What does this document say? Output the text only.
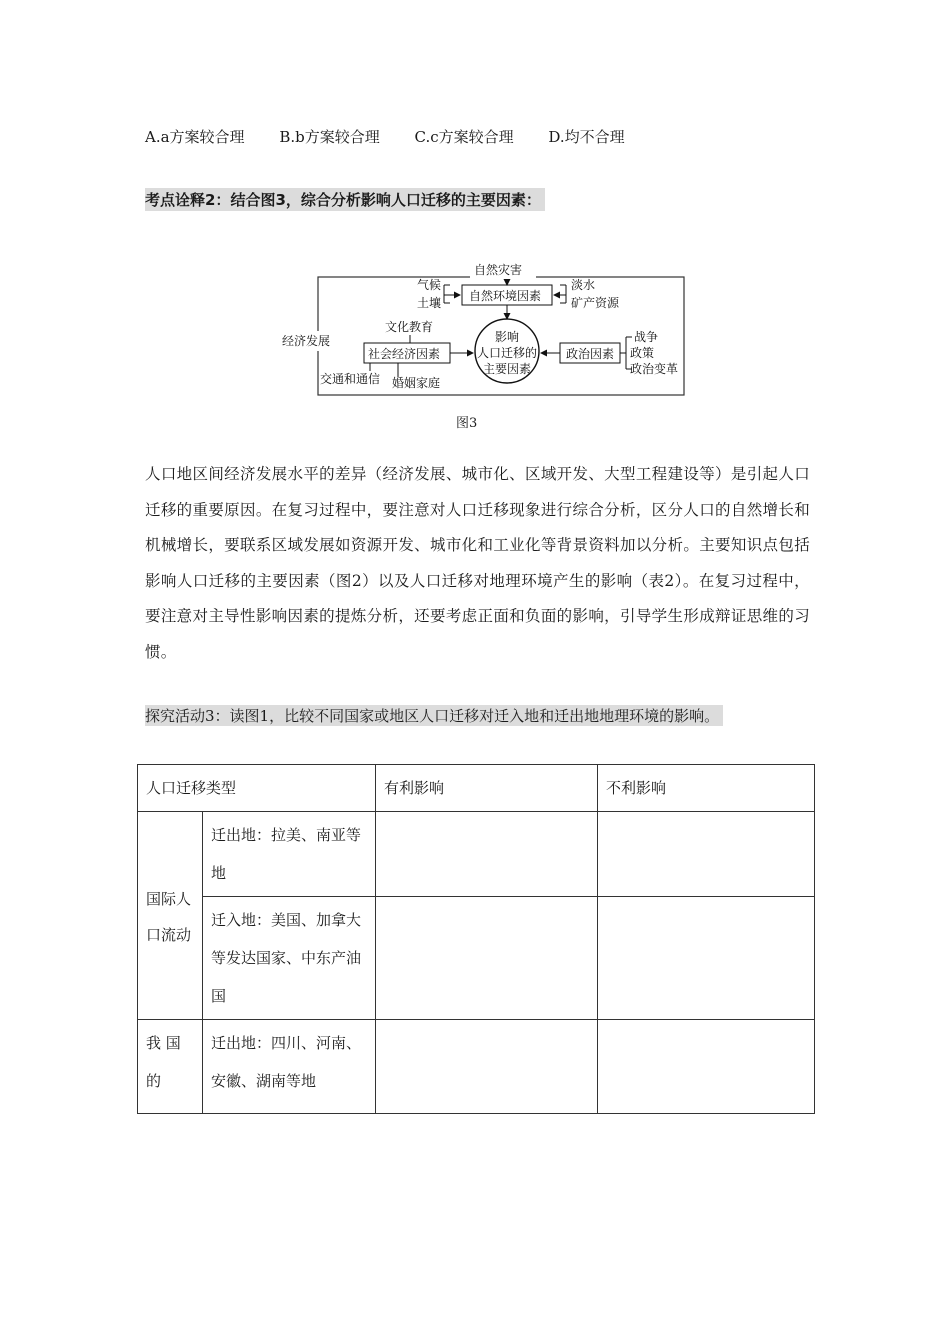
A.a方案较合理 B.b方案较合理 C.c方案较合理 D.均不合理
考点诠释2：结合图3，综合分析影响人口迁移的主要因素：
自然灾害
自然环境因素
气候
土壤
淡水
矿产资源
影响
人口迁移的
主要因素
经济发展
文化教育
社会经济因素
交通和通信 婚姻家庭
政治因素
战争
政策
政治变革
图3
人口地区间经济发展水平的差异（经济发展、城市化、区域开发、大型工程建设等）是引起人口迁移的重要原因。在复习过程中，要注意对人口迁移现象进行综合分析，区分人口的自然增长和机械增长，要联系区域发展如资源开发、城市化和工业化等背景资料加以分析。主要知识点包括影响人口迁移的主要因素（图2）以及人口迁移对地理环境产生的影响（表2）。在复习过程中，要注意对主导性影响因素的提炼分析，还要考虑正面和负面的影响，引导学生形成辩证思维的习惯。
探究活动3：读图1，比较不同国家或地区人口迁移对迁入地和迁出地地理环境的影响。
人口迁移类型		有利影响	不利影响
国际人口流动	迁出地：拉美、南亚等地		
	迁入地：美国、加拿大等发达国家、中东产油国		
我 国的	迁出地：四川、河南、安徽、湖南等地		
